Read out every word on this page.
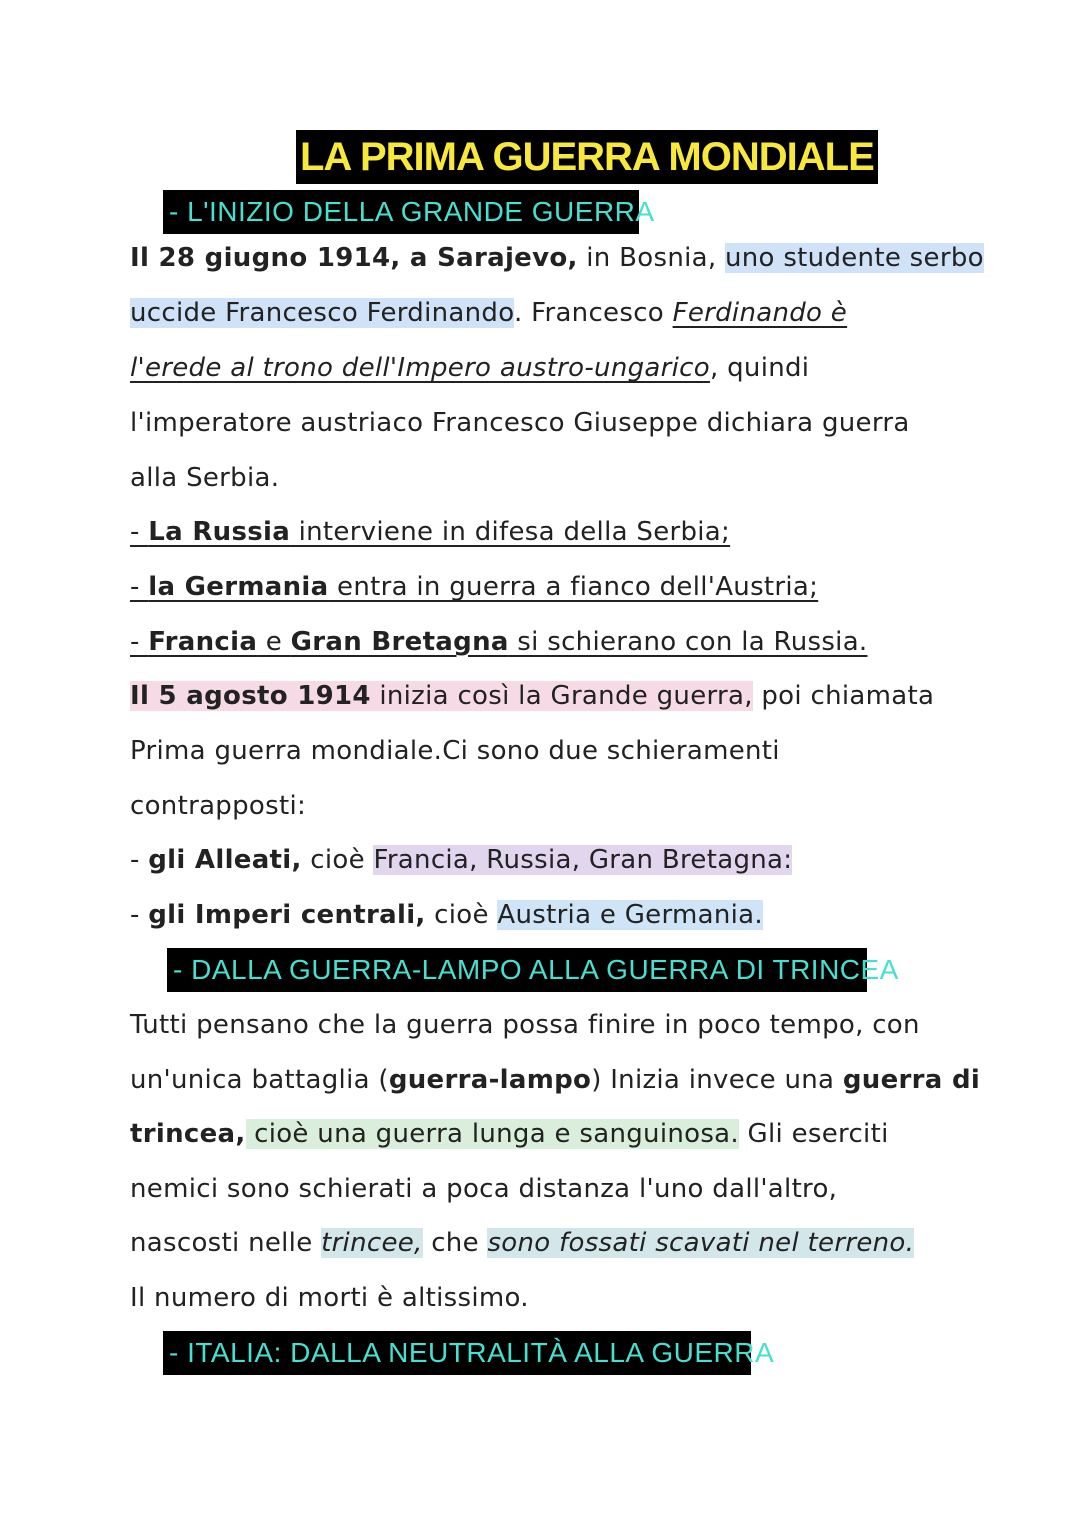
LA PRIMA GUERRA MONDIALE
- L'INIZIO DELLA GRANDE GUERRA
Il 28 giugno 1914, a Sarajevo, in Bosnia, uno studente serbo
uccide Francesco Ferdinando. Francesco Ferdinando è
l'erede al trono dell'Impero austro-ungarico, quindi
l'imperatore austriaco Francesco Giuseppe dichiara guerra
alla Serbia.
- La Russia interviene in difesa della Serbia;
- la Germania entra in guerra a fianco dell'Austria;
- Francia e Gran Bretagna si schierano con la Russia.
Il 5 agosto 1914 inizia così la Grande guerra, poi chiamata
Prima guerra mondiale.Ci sono due schieramenti
contrapposti:
- gli Alleati, cioè Francia, Russia, Gran Bretagna:
- gli Imperi centrali, cioè Austria e Germania.
- DALLA GUERRA-LAMPO ALLA GUERRA DI TRINCEA
Tutti pensano che la guerra possa finire in poco tempo, con
un'unica battaglia (guerra-lampo) Inizia invece una guerra di
trincea, cioè una guerra lunga e sanguinosa. Gli eserciti
nemici sono schierati a poca distanza l'uno dall'altro,
nascosti nelle trincee, che sono fossati scavati nel terreno.
Il numero di morti è altissimo.
- ITALIA: DALLA NEUTRALITÀ ALLA GUERRA
